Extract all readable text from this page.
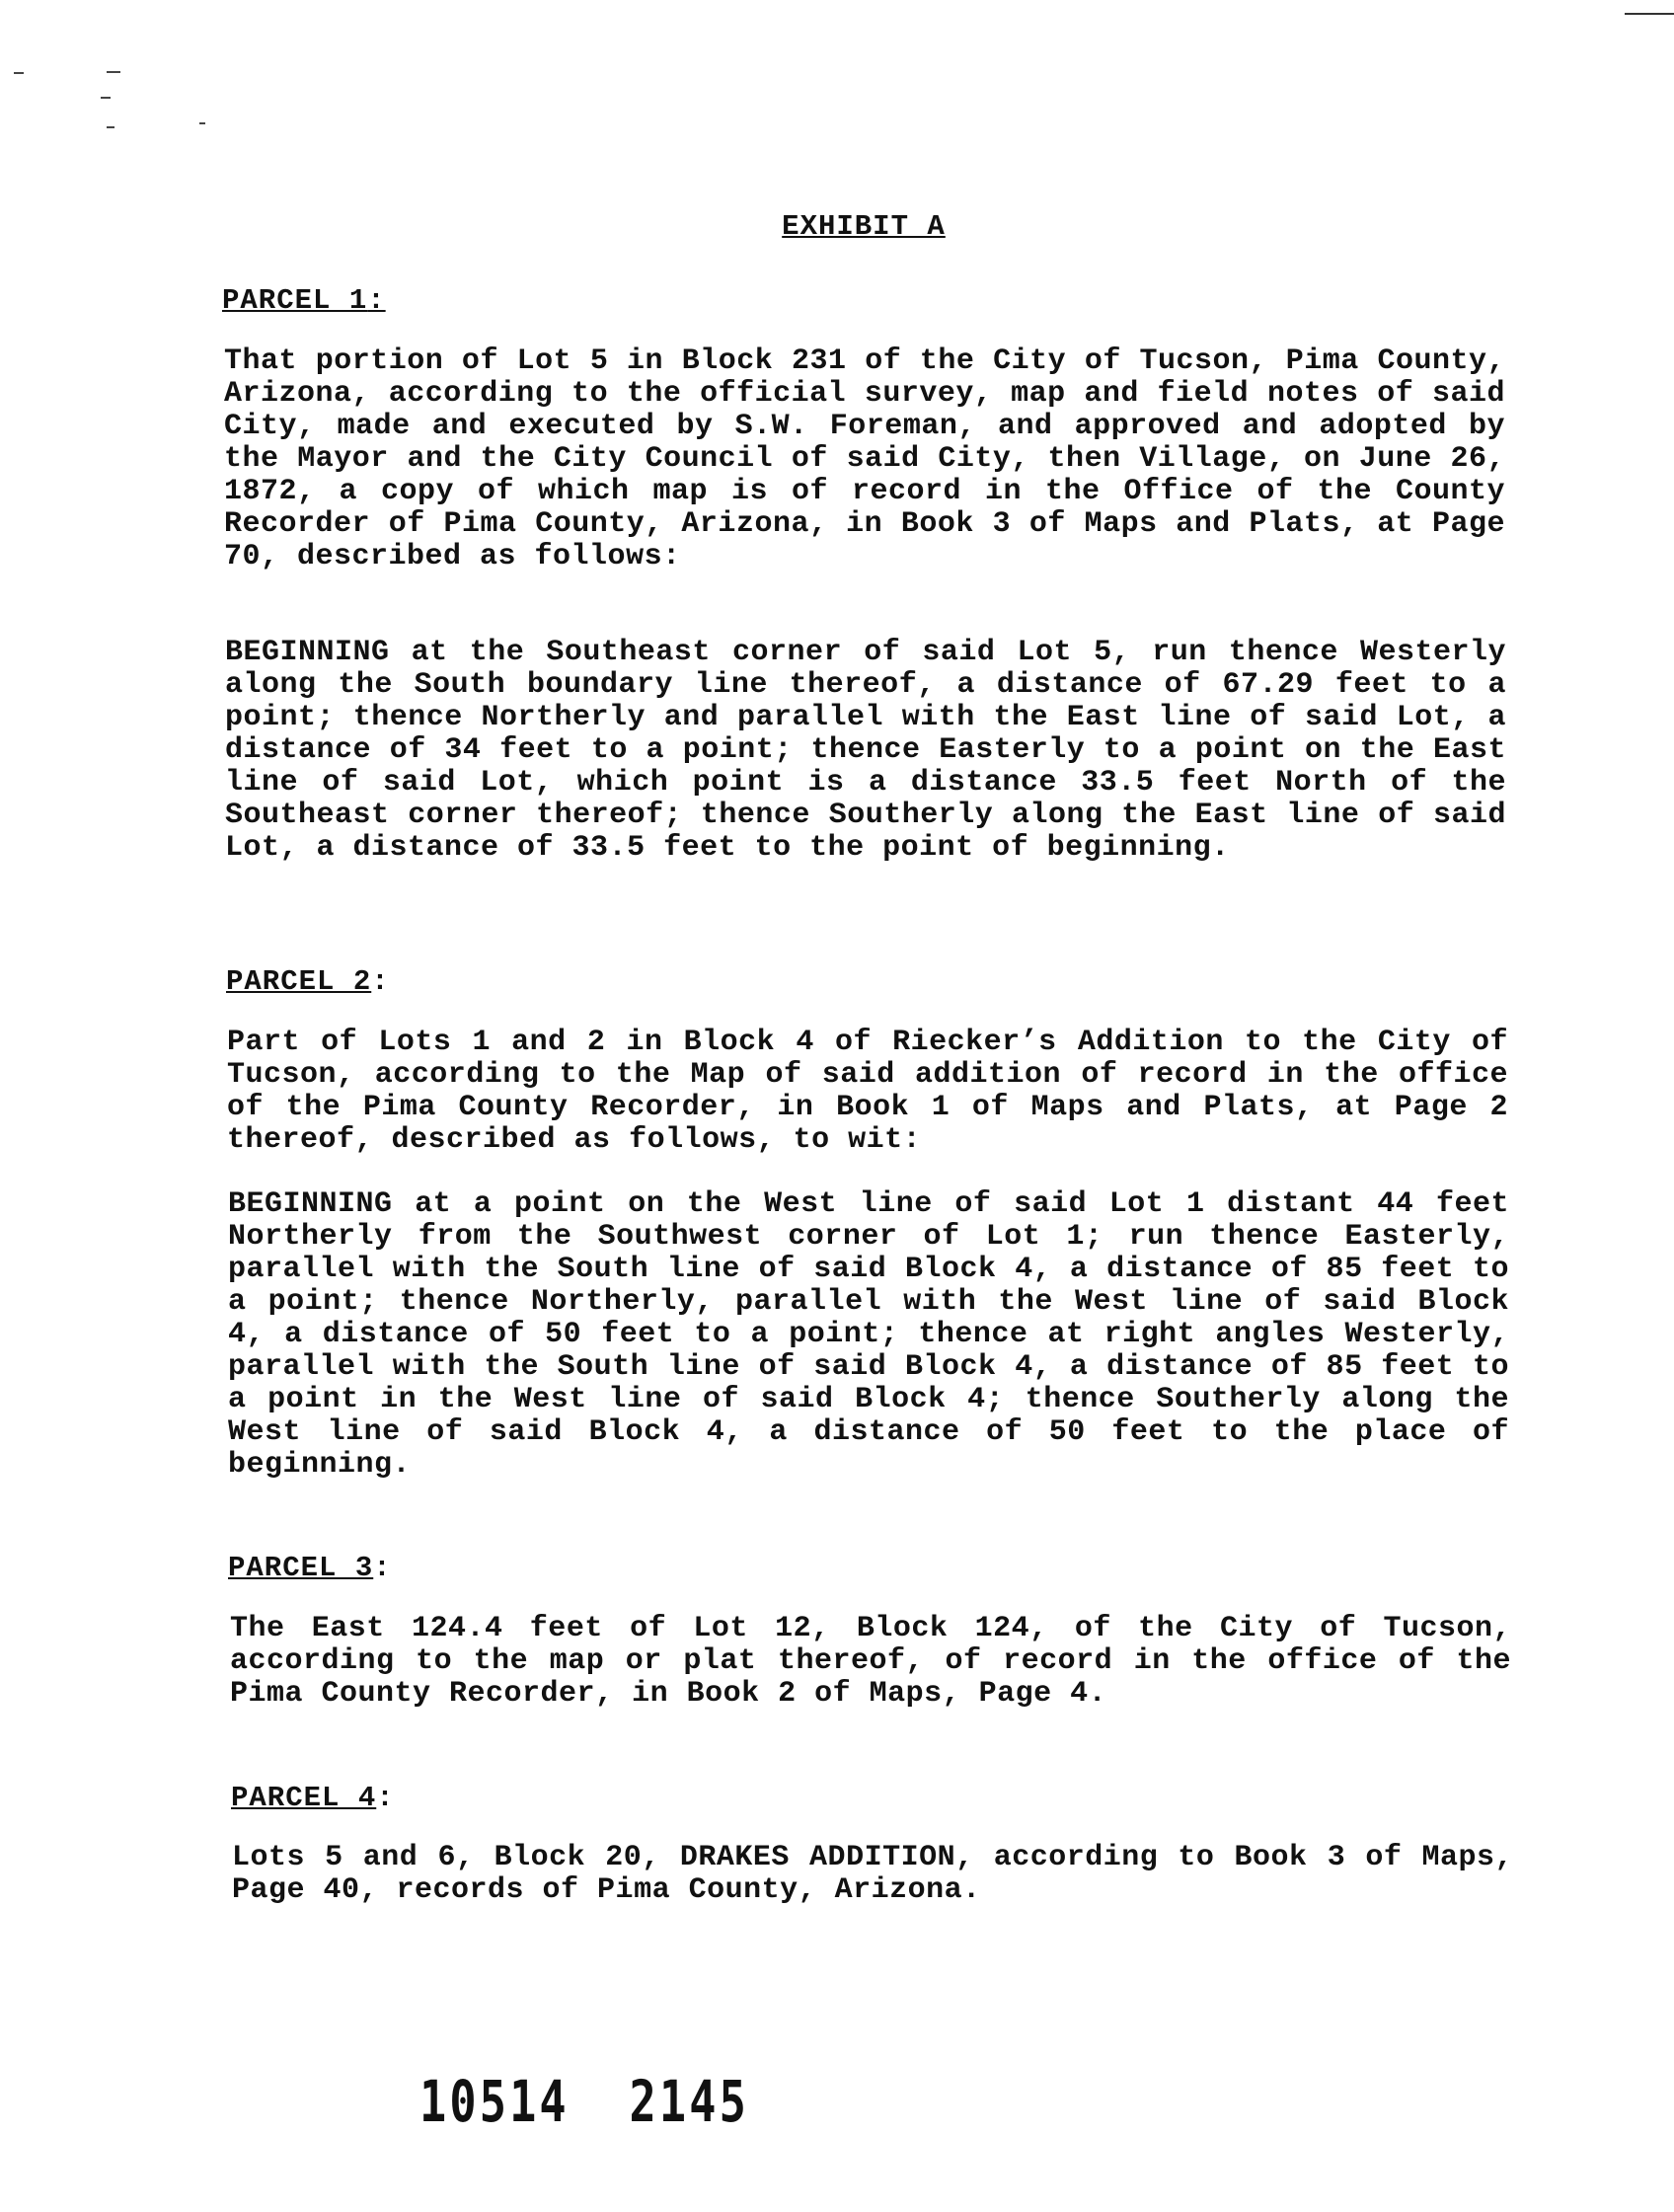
EXHIBIT A
PARCEL 1:
That portion of Lot 5 in Block 231 of the City of Tucson, Pima County, Arizona, according to the official survey, map and field notes of said City, made and executed by S.W. Foreman, and approved and adopted by the Mayor and the City Council of said City, then Village, on June 26, 1872, a copy of which map is of record in the Office of the County Recorder of Pima County, Arizona, in Book 3 of Maps and Plats, at Page 70, described as follows:
BEGINNING at the Southeast corner of said Lot 5, run thence Westerly along the South boundary line thereof, a distance of 67.29 feet to a point; thence Northerly and parallel with the East line of said Lot, a distance of 34 feet to a point; thence Easterly to a point on the East line of said Lot, which point is a distance 33.5 feet North of the Southeast corner thereof; thence Southerly along the East line of said Lot, a distance of 33.5 feet to the point of beginning.
PARCEL 2:
Part of Lots 1 and 2 in Block 4 of Riecker’s Addition to the City of Tucson, according to the Map of said addition of record in the office of the Pima County Recorder, in Book 1 of Maps and Plats, at Page 2 thereof, described as follows, to wit:
BEGINNING at a point on the West line of said Lot 1 distant 44 feet Northerly from the Southwest corner of Lot 1; run thence Easterly, parallel with the South line of said Block 4, a distance of 85 feet to a point; thence Northerly, parallel with the West line of said Block 4, a distance of 50 feet to a point; thence at right angles Westerly, parallel with the South line of said Block 4, a distance of 85 feet to a point in the West line of said Block 4; thence Southerly along the West line of said Block 4, a distance of 50 feet to the place of beginning.
PARCEL 3:
The East 124.4 feet of Lot 12, Block 124, of the City of Tucson, according to the map or plat thereof, of record in the office of the Pima County Recorder, in Book 2 of Maps, Page 4.
PARCEL 4:
Lots 5 and 6, Block 20, DRAKES ADDITION, according to Book 3 of Maps, Page 40, records of Pima County, Arizona.
10514  2145
